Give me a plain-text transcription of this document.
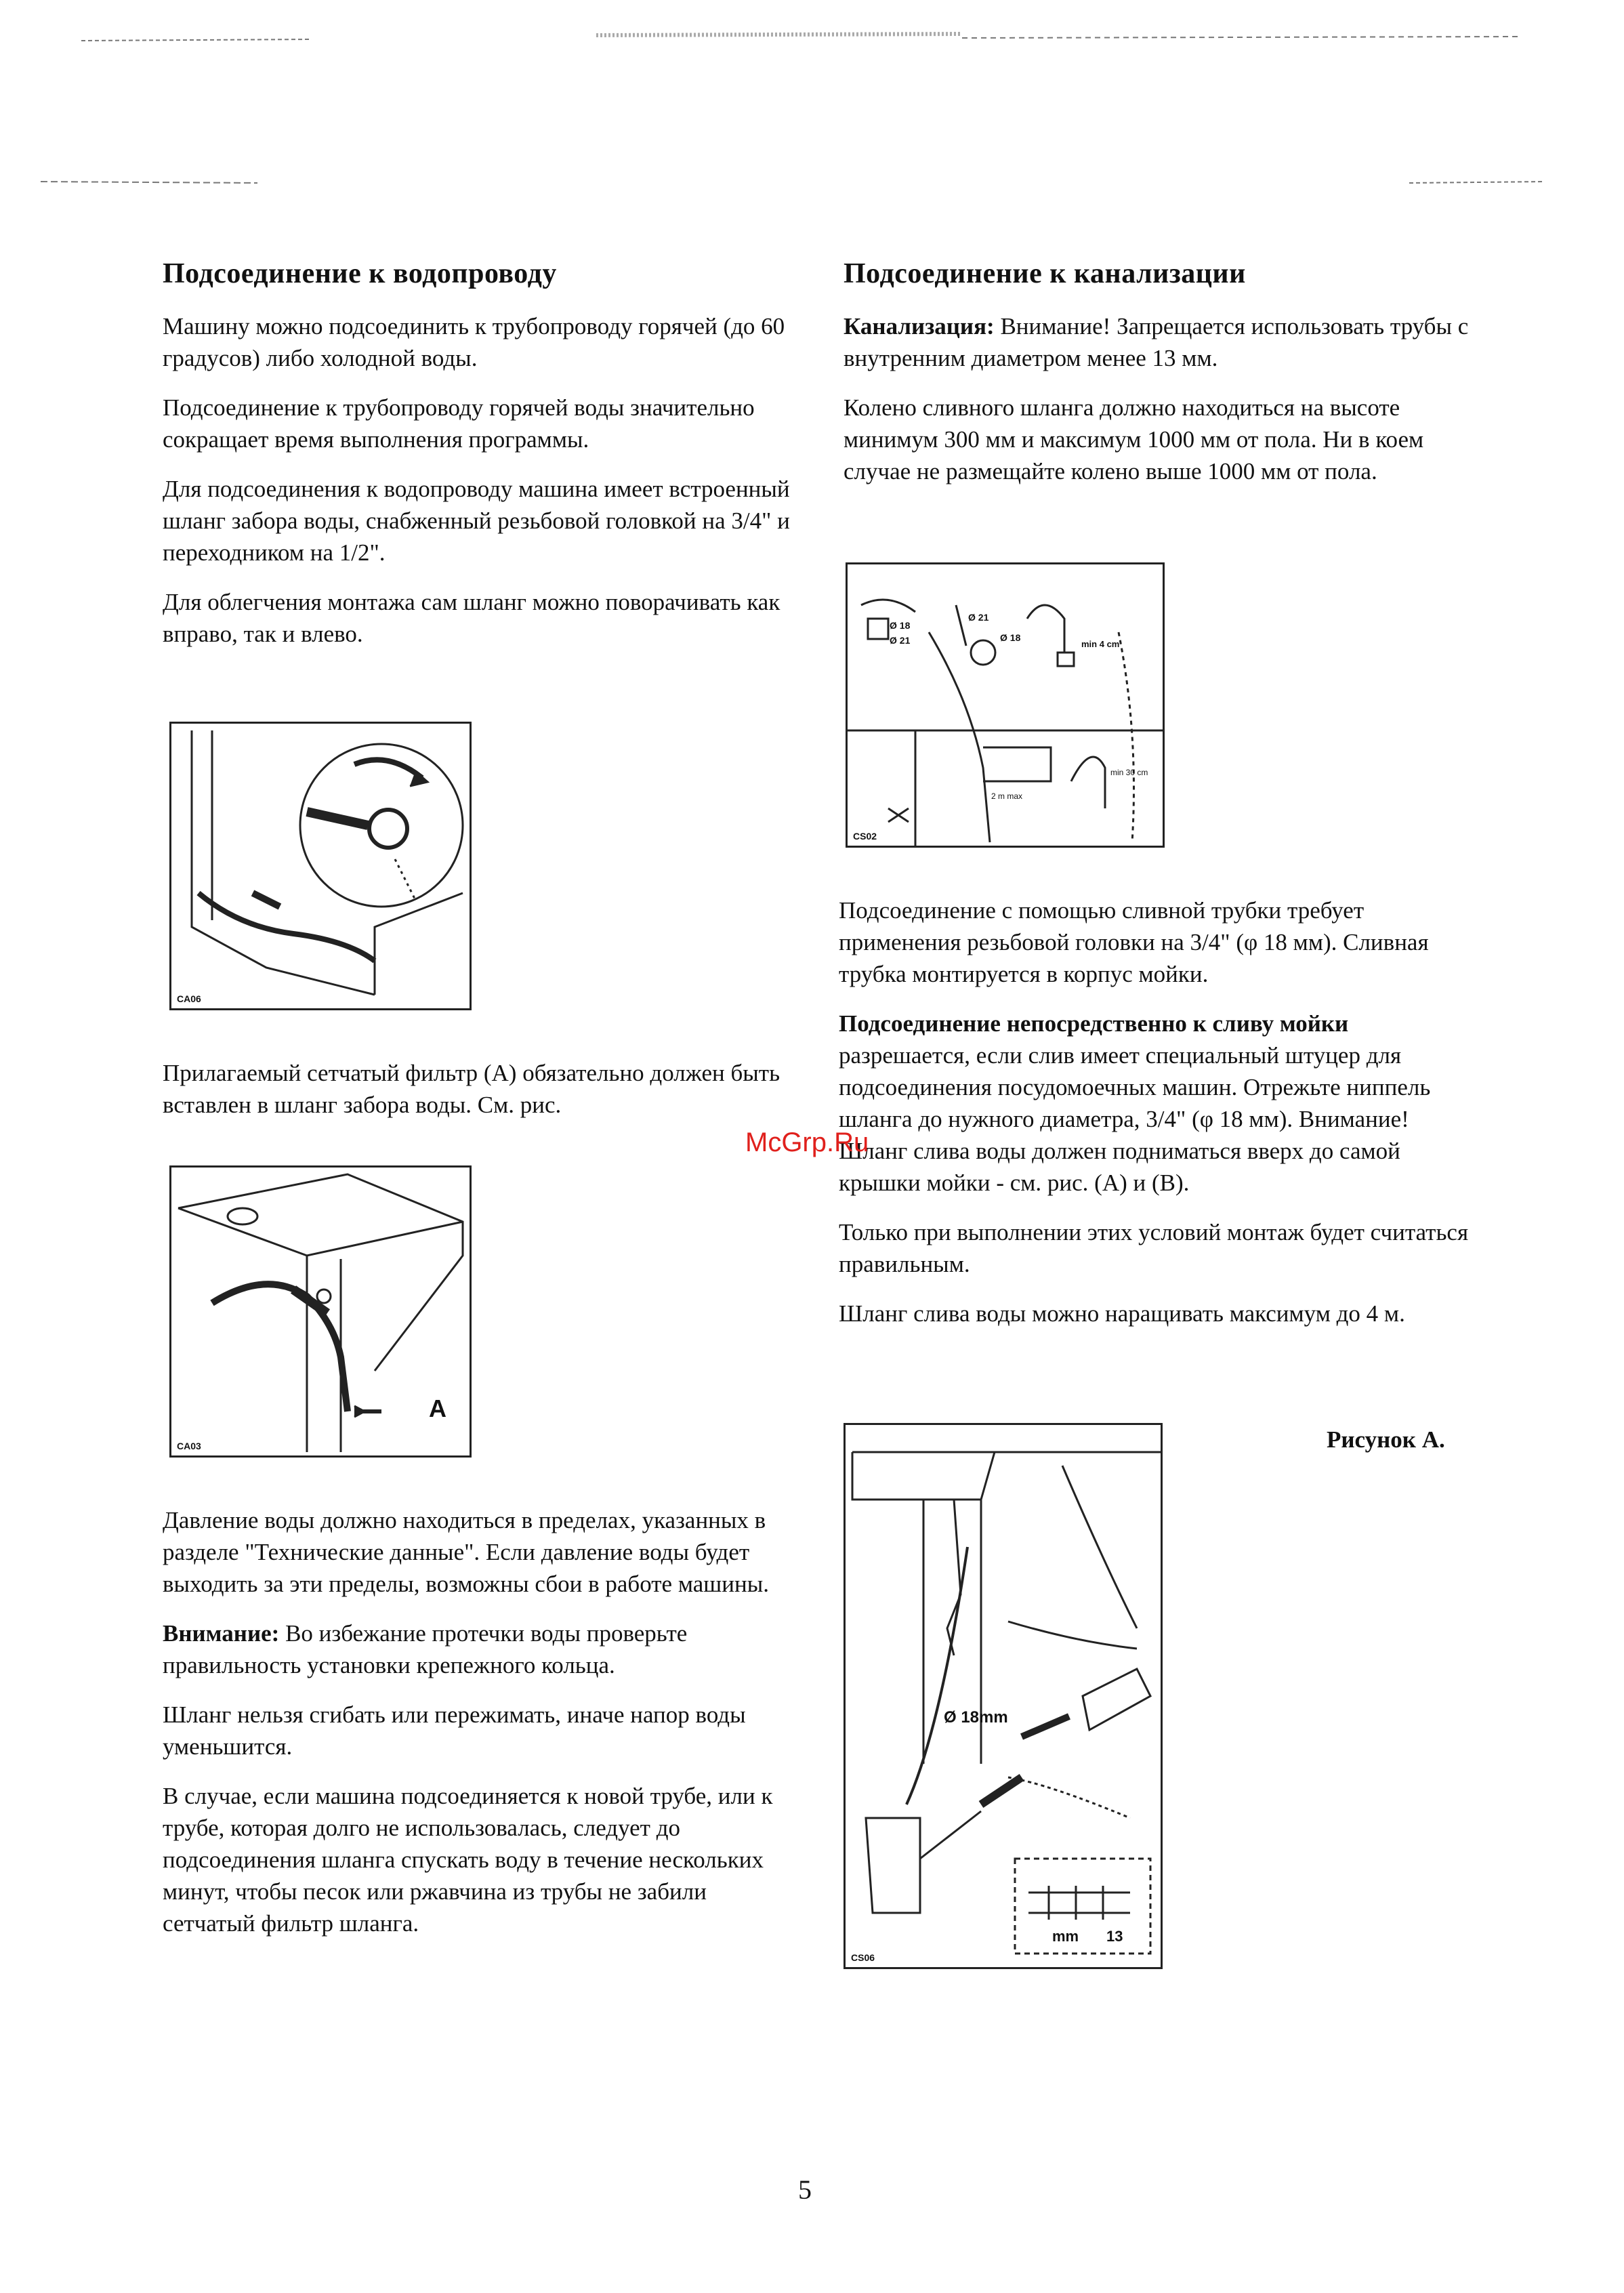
Подсоединение к водопроводу

Машину можно подсоединить к трубопроводу горячей (до 60 градусов) либо холодной воды.

Подсоединение к трубопроводу горячей воды значительно сокращает время выполнения программы.

Для подсоединения к водопроводу машина имеет встроенный шланг забора воды, снабженный резьбовой головкой на 3/4" и переходником на 1/2".

Для облегчения монтажа сам шланг можно поворачивать как вправо, так и влево.

CA06

Прилагаемый сетчатый фильтр (А) обязательно должен быть вставлен в шланг забора воды. См. рис.

A
CA03

Давление воды должно находиться в пределах, указанных в разделе "Технические данные". Если давление воды будет выходить за эти пределы, возможны сбои в работе машины.

Внимание: Во избежание протечки воды проверьте правильность установки крепежного кольца.

Шланг нельзя сгибать или пережимать, иначе напор воды уменьшится.

В случае, если машина подсоединяется к новой трубе, или к трубе, которая долго не использовалась, следует до подсоединения шланга спускать воду в течение нескольких минут, чтобы песок или ржавчина из трубы не забили сетчатый фильтр шланга.

Подсоединение к канализации

Канализация: Внимание! Запрещается использовать трубы с внутренним диаметром менее 13 мм.

Колено сливного шланга должно находиться на высоте минимум 300 мм и максимум 1000 мм от пола. Ни в коем случае не размещайте колено выше 1000 мм от пола.

Ø 18
Ø 21
Ø 21
Ø 18
min 4 cm
2 m max
min 30 cm
CS02

Подсоединение с помощью сливной трубки требует применения резьбовой головки на 3/4" (φ 18 мм). Сливная трубка монтируется в корпус мойки.

Подсоединение непосредственно к сливу мойки разрешается, если слив имеет специальный штуцер для подсоединения посудомоечных машин. Отрежьте ниппель шланга до нужного диаметра, 3/4" (φ 18 мм). Внимание! Шланг слива воды должен подниматься вверх до самой крышки мойки - см. рис. (А) и (В).

Только при выполнении этих условий монтаж будет считаться правильным.

Шланг слива воды можно наращивать максимум до 4 м.

Рисунок А.
Ø 18mm
mm 13
CS06
McGrp.Ru
5
